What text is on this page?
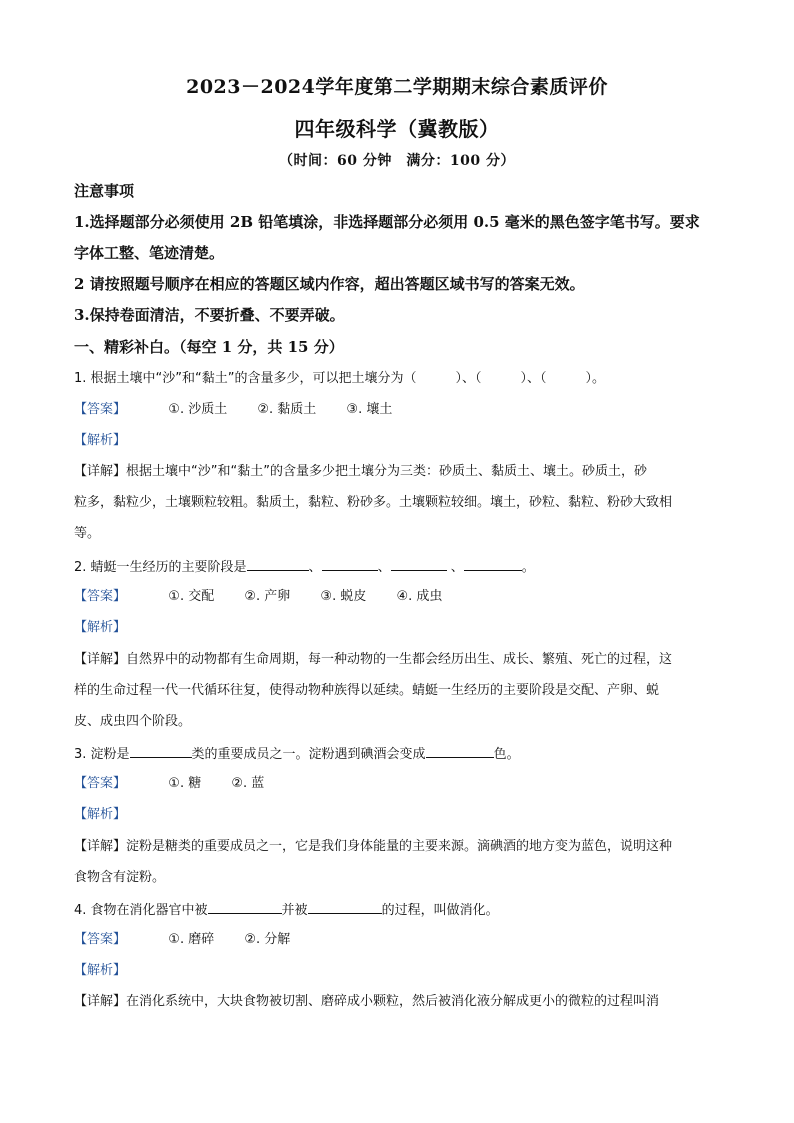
2023－2024学年度第二学期期末综合素质评价
四年级科学（冀教版）
（时间：60 分钟　满分：100 分）
注意事项
1.选择题部分必须使用 2B 铅笔填涂，非选择题部分必须用 0.5 毫米的黑色签字笔书写。要求
字体工整、笔迹清楚。
2 请按照题号顺序在相应的答题区域内作容，超出答题区域书写的答案无效。
3.保持卷面清洁，不要折叠、不要弄破。
一、精彩补白。（每空 1 分，共 15 分）
1. 根据土壤中“沙”和“黏土”的含量多少，可以把土壤分为（　　　）、（　　　）、（　　　）。
【答案】	①. 沙质土 ②. 黏质土 ③. 壤土
【解析】
【详解】根据土壤中“沙”和“黏土”的含量多少把土壤分为三类：砂质土、黏质土、壤土。砂质土，砂
粒多，黏粒少，土壤颗粒较粗。黏质土，黏粒、粉砂多。土壤颗粒较细。壤土，砂粒、黏粒、粉砂大致相
等。
2. 蜻蜓一生经历的主要阶段是	、	、	、	。
【答案】	①. 交配 ②. 产卵 ③. 蜕皮 ④. 成虫
【解析】
【详解】自然界中的动物都有生命周期，每一种动物的一生都会经历出生、成长、繁殖、死亡的过程，这
样的生命过程一代一代循环往复，使得动物种族得以延续。蜻蜓一生经历的主要阶段是交配、产卵、蜕
皮、成虫四个阶段。
3. 淀粉是	类的重要成员之一。淀粉遇到碘酒会变成	色。
【答案】	①. 糖 ②. 蓝
【解析】
【详解】淀粉是糖类的重要成员之一，它是我们身体能量的主要来源。滴碘酒的地方变为蓝色，说明这种
食物含有淀粉。
4. 食物在消化器官中被	并被	的过程，叫做消化。
【答案】	①. 磨碎 ②. 分解
【解析】
【详解】在消化系统中，大块食物被切割、磨碎成小颗粒，然后被消化液分解成更小的微粒的过程叫消
